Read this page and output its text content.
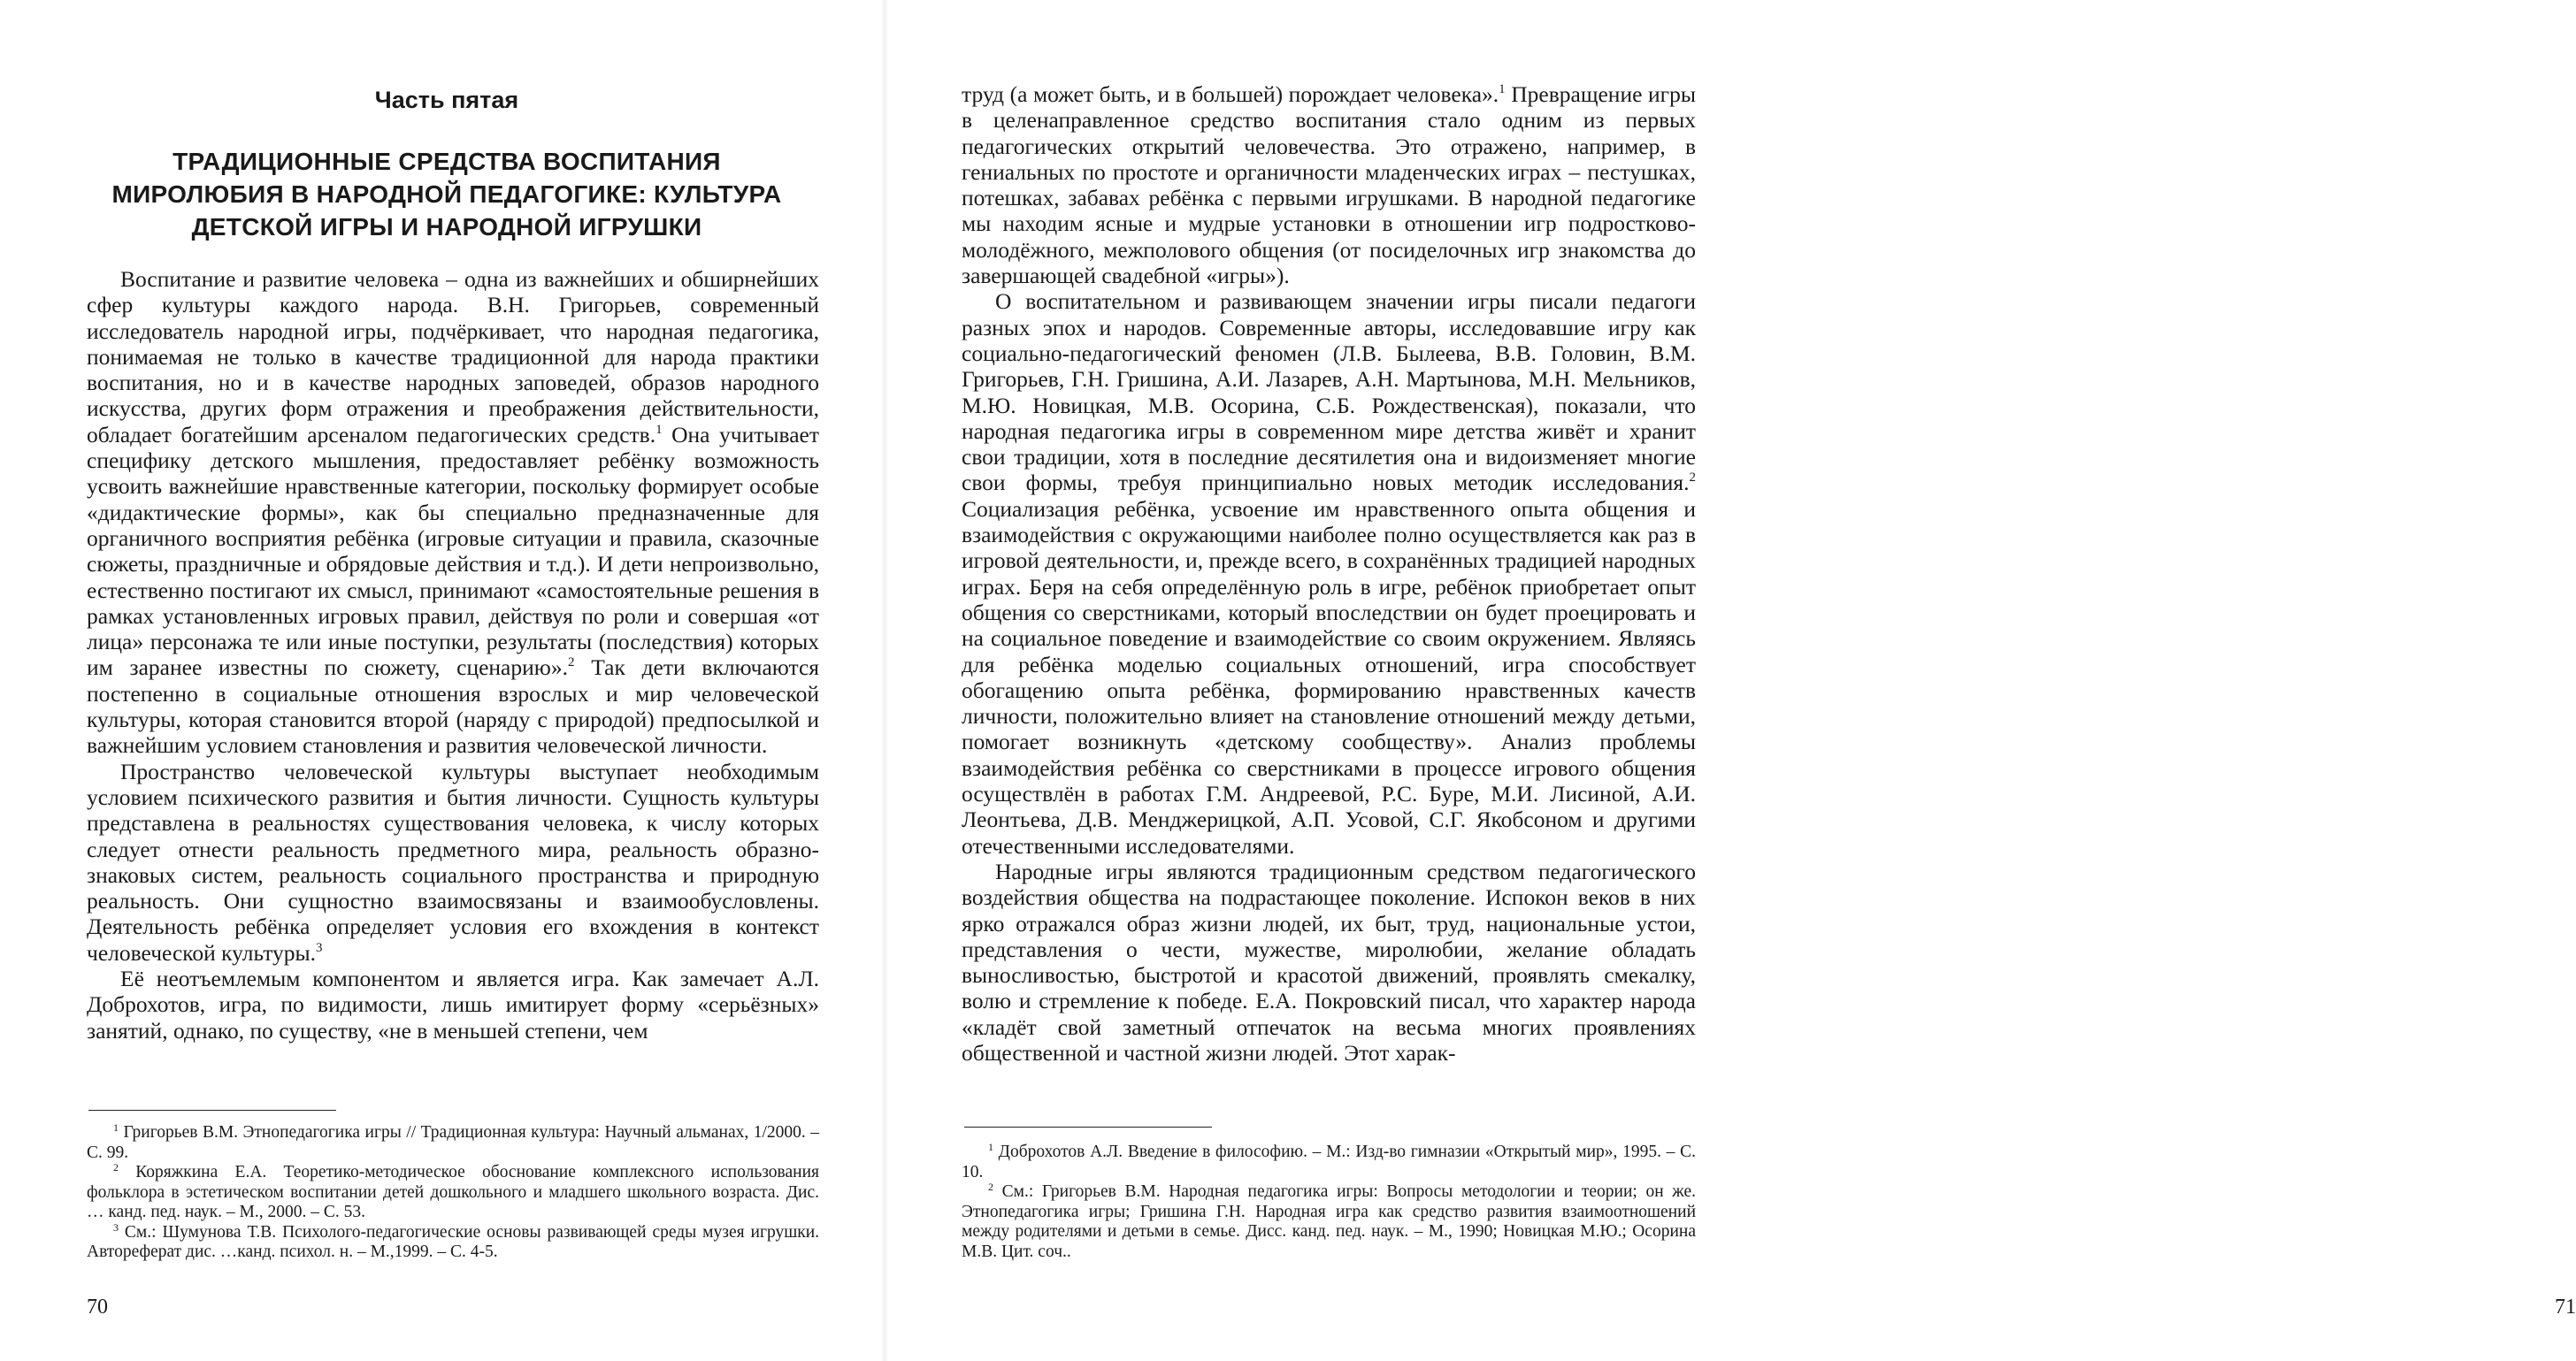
Часть пятая
ТРАДИЦИОННЫЕ СРЕДСТВА ВОСПИТАНИЯ
МИРОЛЮБИЯ В НАРОДНОЙ ПЕДАГОГИКЕ: КУЛЬТУРА
ДЕТСКОЙ ИГРЫ И НАРОДНОЙ ИГРУШКИ

Воспитание и развитие человека – одна из важнейших и обширнейших сфер культуры каждого народа. В.Н. Григорьев, современный исследователь народной игры, подчёркивает, что народная педагогика, понимаемая не только в качестве традиционной для народа практики воспитания, но и в качестве народных заповедей, образов народного искусства, других форм отражения и преображения действительности, обладает богатейшим арсеналом педагогических средств.$^1$ Она учитывает специфику детского мышления, предоставляет ребёнку возможность усвоить важнейшие нравственные категории, поскольку формирует особые «дидактические формы», как бы специально предназначенные для органичного восприятия ребёнка (игровые ситуации и правила, сказочные сюжеты, праздничные и обрядовые действия и т.д.). И дети непроизвольно, естественно постигают их смысл, принимают «самостоятельные решения в рамках установленных игровых правил, действуя по роли и совершая «от лица» персонажа те или иные поступки, результаты (последствия) которых им заранее известны по сюжету, сценарию».$^2$ Так дети включаются постепенно в социальные отношения взрослых и мир человеческой культуры, которая становится второй (наряду с природой) предпосылкой и важнейшим условием становления и развития человеческой личности.

Пространство человеческой культуры выступает необходимым условием психического развития и бытия личности. Сущность культуры представлена в реальностях существования человека, к числу которых следует отнести реальность предметного мира, реальность образно-знаковых систем, реальность социального пространства и природную реальность. Они сущностно взаимосвязаны и взаимообусловлены. Деятельность ребёнка определяет условия его вхождения в контекст человеческой культуры.$^3$

Её неотъемлемым компонентом и является игра. Как замечает А.Л. Доброхотов, игра, по видимости, лишь имитирует форму «серьёзных» занятий, однако, по существу, «не в меньшей степени, чем

$^1$ Григорьев В.М. Этнопедагогика игры // Традиционная культура: Научный альманах, 1/2000. – С. 99.

$^2$ Коряжкина Е.А. Теоретико-методическое обоснование комплексного использования фольклора в эстетическом воспитании детей дошкольного и младшего школьного возраста. Дис. … канд. пед. наук. – М., 2000. – С. 53.

$^3$ См.: Шумунова Т.В. Психолого-педагогические основы развивающей среды музея игрушки. Автореферат дис. …канд. психол. н. – М.,1999. – С. 4-5.

70

труд (а может быть, и в большей) порождает человека».$^1$ Превращение игры в целенаправленное средство воспитания стало одним из первых педагогических открытий человечества. Это отражено, например, в гениальных по простоте и органичности младенческих играх – пестушках, потешках, забавах ребёнка с первыми игрушками. В народной педагогике мы находим ясные и мудрые установки в отношении игр подростково-молодёжного, межполового общения (от посиделочных игр знакомства до завершающей свадебной «игры»).

О воспитательном и развивающем значении игры писали педагоги разных эпох и народов. Современные авторы, исследовавшие игру как социально-педагогический феномен (Л.В. Былеева, В.В. Головин, В.М. Григорьев, Г.Н. Гришина, А.И. Лазарев, А.Н. Мартынова, М.Н. Мельников, М.Ю. Новицкая, М.В. Осорина, С.Б. Рождественская), показали, что народная педагогика игры в современном мире детства живёт и хранит свои традиции, хотя в последние десятилетия она и видоизменяет многие свои формы, требуя принципиально новых методик исследования.$^2$ Социализация ребёнка, усвоение им нравственного опыта общения и взаимодействия с окружающими наиболее полно осуществляется как раз в игровой деятельности, и, прежде всего, в сохранённых традицией народных играх. Беря на себя определённую роль в игре, ребёнок приобретает опыт общения со сверстниками, который впоследствии он будет проецировать и на социальное поведение и взаимодействие со своим окружением. Являясь для ребёнка моделью социальных отношений, игра способствует обогащению опыта ребёнка, формированию нравственных качеств личности, положительно влияет на становление отношений между детьми, помогает возникнуть «детскому сообществу». Анализ проблемы взаимодействия ребёнка со сверстниками в процессе игрового общения осуществлён в работах Г.М. Андреевой, Р.С. Буре, М.И. Лисиной, А.И. Леонтьева, Д.В. Менджерицкой, А.П. Усовой, С.Г. Якобсоном и другими отечественными исследователями.

Народные игры являются традиционным средством педагогического воздействия общества на подрастающее поколение. Испокон веков в них ярко отражался образ жизни людей, их быт, труд, национальные устои, представления о чести, мужестве, миролюбии, желание обладать выносливостью, быстротой и красотой движений, проявлять смекалку, волю и стремление к победе. Е.А. Покровский писал, что характер народа «кладёт свой заметный отпечаток на весьма многих проявлениях общественной и частной жизни людей. Этот харак-

$^1$ Доброхотов А.Л. Введение в философию. – М.: Изд-во гимназии «Открытый мир», 1995. – С. 10.

$^2$ См.: Григорьев В.М. Народная педагогика игры: Вопросы методологии и теории; он же. Этнопедагогика игры; Гришина Г.Н. Народная игра как средство развития взаимоотношений между родителями и детьми в семье. Дисс. канд. пед. наук. – М., 1990; Новицкая М.Ю.; Осорина М.В. Цит. соч..

71
